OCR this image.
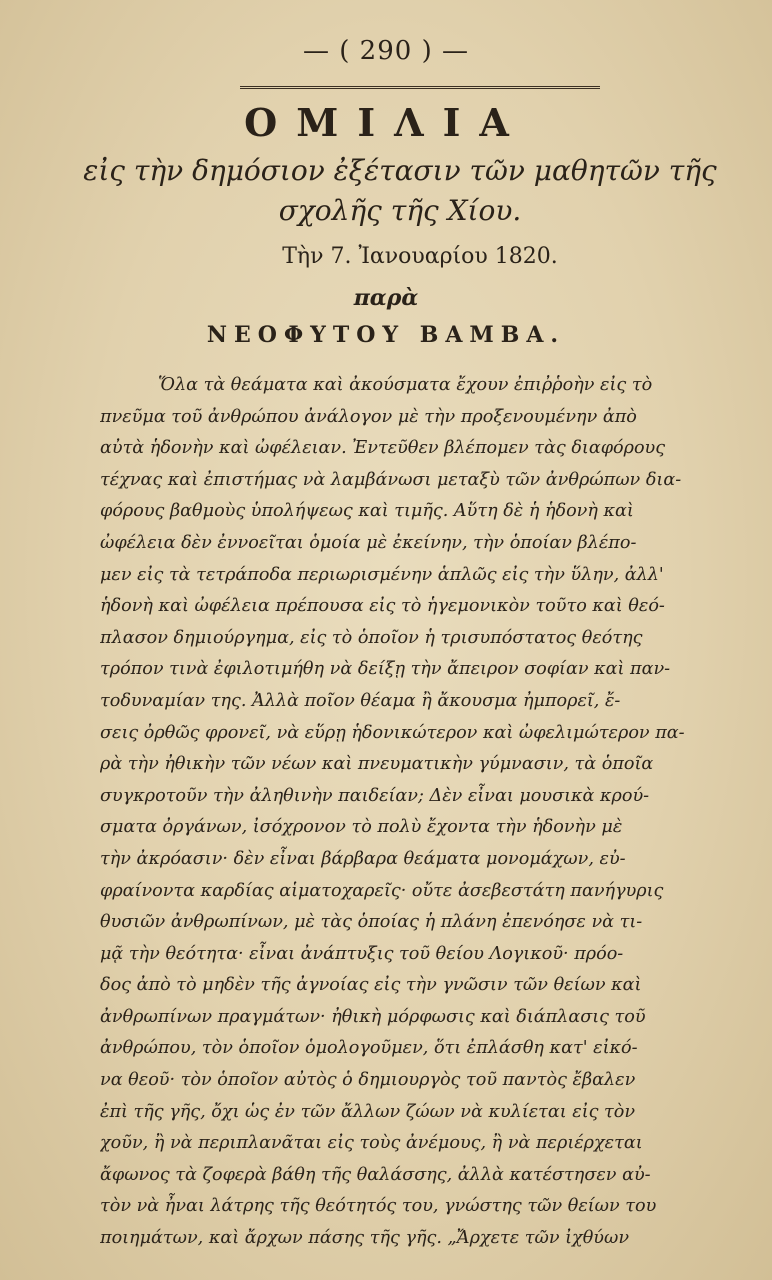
— ( 290 ) —
ΟΜΙΛΙΑ
εἰς τὴν δημόσιον ἐξέτασιν τῶν μαθητῶν τῆς
σχολῆς τῆς Χίου.
Τὴν 7. Ἰανουαρίου 1820.
παρὰ
ΝΕΟΦΥΤΟΥ ΒΑΜΒΑ.
Ὅλα τὰ θεάματα καὶ ἀκούσματα ἔχουν ἐπιῤῥοὴν εἰς τὸ
πνεῦμα τοῦ ἀνθρώπου ἀνάλογον μὲ τὴν προξενουμένην ἀπὸ
αὐτὰ ἡδονὴν καὶ ὠφέλειαν. Ἐντεῦθεν βλέπομεν τὰς διαφόρους
τέχνας καὶ ἐπιστήμας νὰ λαμβάνωσι μεταξὺ τῶν ἀνθρώπων δια-
φόρους βαθμοὺς ὑπολήψεως καὶ τιμῆς. Αὕτη δὲ ἡ ἡδονὴ καὶ
ὠφέλεια δὲν ἐννοεῖται ὁμοία μὲ ἐκείνην, τὴν ὁποίαν βλέπο-
μεν εἰς τὰ τετράποδα περιωρισμένην ἁπλῶς εἰς τὴν ὕλην, ἀλλ'
ἡδονὴ καὶ ὠφέλεια πρέπουσα εἰς τὸ ἡγεμονικὸν τοῦτο καὶ θεό-
πλασον δημιούργημα, εἰς τὸ ὁποῖον ἡ τρισυπόστατος θεότης
τρόπον τινὰ ἐφιλοτιμήθη νὰ δείξῃ τὴν ἄπειρον σοφίαν καὶ παν-
τοδυναμίαν της. Ἀλλὰ ποῖον θέαμα ἢ ἄκουσμα ἠμπορεῖ, ἔ-
σεις ὀρθῶς φρονεῖ, νὰ εὕρῃ ἡδονικώτερον καὶ ὠφελιμώτερον πα-
ρὰ τὴν ἠθικὴν τῶν νέων καὶ πνευματικὴν γύμνασιν, τὰ ὁποῖα
συγκροτοῦν τὴν ἀληθινὴν παιδείαν; Δὲν εἶναι μουσικὰ κρού-
σματα ὀργάνων, ἰσόχρονον τὸ πολὺ ἔχοντα τὴν ἡδονὴν μὲ
τὴν ἀκρόασιν· δὲν εἶναι βάρβαρα θεάματα μονομάχων, εὐ-
φραίνοντα καρδίας αἱματοχαρεῖς· οὔτε ἀσεβεστάτη πανήγυρις
θυσιῶν ἀνθρωπίνων, μὲ τὰς ὁποίας ἡ πλάνη ἐπενόησε νὰ τι-
μᾷ τὴν θεότητα· εἶναι ἀνάπτυξις τοῦ θείου Λογικοῦ· πρόο-
δος ἀπὸ τὸ μηδὲν τῆς ἀγνοίας εἰς τὴν γνῶσιν τῶν θείων καὶ
ἀνθρωπίνων πραγμάτων· ἠθικὴ μόρφωσις καὶ διάπλασις τοῦ
ἀνθρώπου, τὸν ὁποῖον ὁμολογοῦμεν, ὅτι ἐπλάσθη κατ' εἰκό-
να θεοῦ· τὸν ὁποῖον αὐτὸς ὁ δημιουργὸς τοῦ παντὸς ἔβαλεν
ἐπὶ τῆς γῆς, ὄχι ὡς ἐν τῶν ἄλλων ζώων νὰ κυλίεται εἰς τὸν
χοῦν, ἢ νὰ περιπλανᾶται εἰς τοὺς ἀνέμους, ἢ νὰ περιέρχεται
ἄφωνος τὰ ζοφερὰ βάθη τῆς θαλάσσης, ἀλλὰ κατέστησεν αὐ-
τὸν νὰ ἦναι λάτρης τῆς θεότητός του, γνώστης τῶν θείων του
ποιημάτων, καὶ ἄρχων πάσης τῆς γῆς. „Ἄρχετε τῶν ἰχθύων
